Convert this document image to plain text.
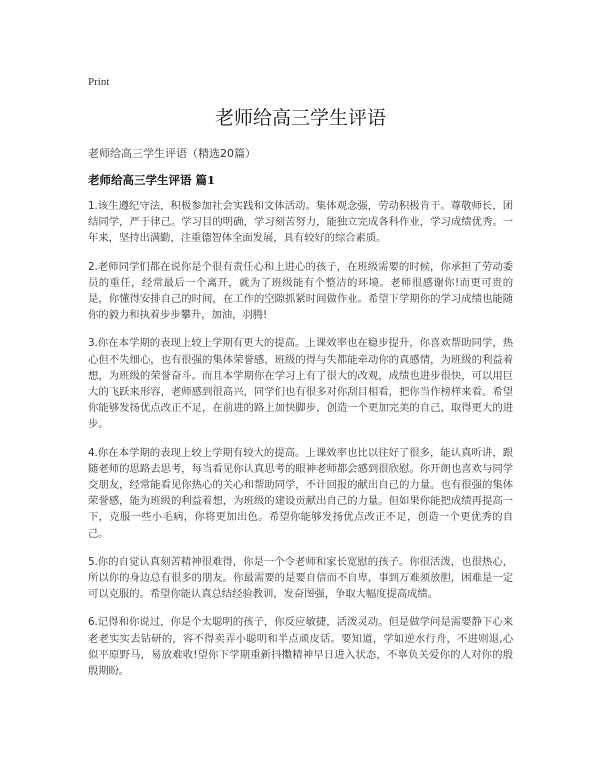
Print
老师给高三学生评语
老师给高三学生评语（精选20篇）
老师给高三学生评语 篇1

1.该生遵纪守法，积极参加社会实践和文体活动。集体观念强，劳动积极肯干。尊敬师长，团结同学，严于律己。学习目的明确，学习刻苦努力，能独立完成各科作业，学习成绩优秀。一年来，坚持出满勤，注重德智体全面发展，具有较好的综合素质。

2.老师同学们都在说你是个很有责任心和上进心的孩子，在班级需要的时候，你承担了劳动委员的重任，经常最后一个离开，就为了班级能有个整洁的环境。老师很感谢你!而更可贵的是，你懂得安排自己的时间，在工作的空隙抓紧时间做作业。希望下学期你的学习成绩也能随你的毅力和执着步步攀升，加油，羽腾!

3.你在本学期的表现上较上学期有更大的提高。上课效率也在稳步提升，你喜欢帮助同学，热心但不失细心，也有很强的集体荣誉感，班级的得与失都能牵动你的真感情，为班级的利益着想，为班级的荣誉奋斗。而且本学期你在学习上有了很大的改观，成绩也进步很快，可以用巨大的飞跃来形容，老师感到很高兴，同学们也有很多对你刮目相看，把你当作榜样来看。希望你能够发扬优点改正不足，在前进的路上加快脚步，创造一个更加完美的自己，取得更大的进步。

4.你在本学期的表现上较上学期有较大的提高。上课效率也比以往好了很多，能认真听讲，跟随老师的思路去思考，每当看见你认真思考的眼神老师都会感到很欣慰。你开朗也喜欢与同学交朋友，经常能看见你热心的关心和帮助同学，不计回报的献出自己的力量。也有很强的集体荣誉感，能为班级的利益着想，为班级的建设贡献出自己的力量。但如果你能把成绩再提高一下，克服一些小毛病，你将更加出色。希望你能够发扬优点改正不足，创造一个更优秀的自己。

5.你的自觉认真刻苦精神很难得，你是一个令老师和家长宽慰的孩子。你很活泼，也很热心，所以你的身边总有很多的朋友。你最需要的是要自信而不自卑，事到万难须放胆，困难是一定可以克服的。希望你能认真总结经验教训，发奋图强，争取大幅度提高成绩。

6.记得和你说过，你是个太聪明的孩子，你反应敏捷，活泼灵动。但是做学问是需要静下心来老老实实去钻研的，容不得卖弄小聪明和半点顽皮话。要知道，学如逆水行舟，不进则退,心似平原野马，易放难收!望你下学期重新抖擞精神早日进入状态，不辜负关爱你的人对你的殷殷期盼。
